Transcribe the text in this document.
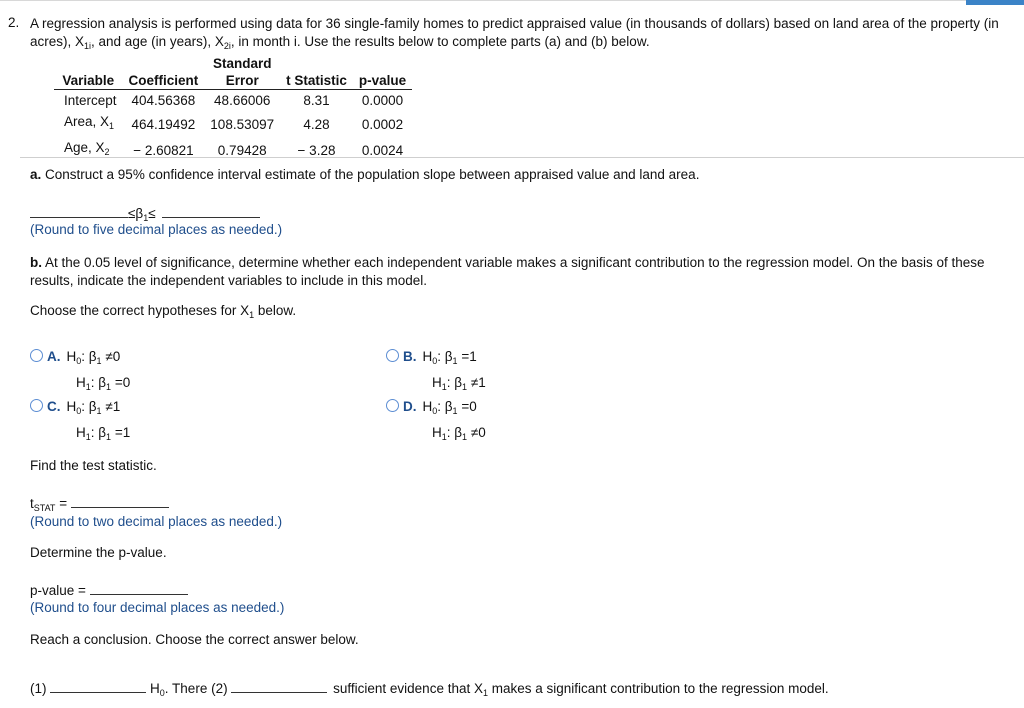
2. A regression analysis is performed using data for 36 single-family homes to predict appraised value (in thousands of dollars) based on land area of the property (in acres), $X_{1i}$, and age (in years), $X_{2i}$, in month i. Use the results below to complete parts (a) and (b) below.
		Standard		
Variable	Coefficient	Error	t Statistic	p-value
Intercept	404.56368	48.66006	8.31	0.0000
Area, $X_1$	464.19492	108.53097	4.28	0.0002
Age, $X_2$	− 2.60821	0.79428	− 3.28	0.0024
a. Construct a 95% confidence interval estimate of the population slope between appraised value and land area.
$\le\beta_1\le$
(Round to five decimal places as needed.)
b. At the 0.05 level of significance, determine whether each independent variable makes a significant contribution to the regression model. On the basis of these results, indicate the independent variables to include in this model.
Choose the correct hypotheses for $X_1$ below.
A. $H_0$: $\beta_1 \ne 0$
$H_1$: $\beta_1 =0$
B. $H_0$: $\beta_1 =1$
$H_1$: $\beta_1 \ne 1$
C. $H_0$: $\beta_1 \ne 1$
$H_1$: $\beta_1 =1$
D. $H_0$: $\beta_1 =0$
$H_1$: $\beta_1 \ne 0$
Find the test statistic.
$t_{STAT}$ =
(Round to two decimal places as needed.)
Determine the p-value.
p-value =
(Round to four decimal places as needed.)
Reach a conclusion. Choose the correct answer below.
(1)	$H_0$. There (2)	sufficient evidence that $X_1$ makes a significant contribution to the regression model.
